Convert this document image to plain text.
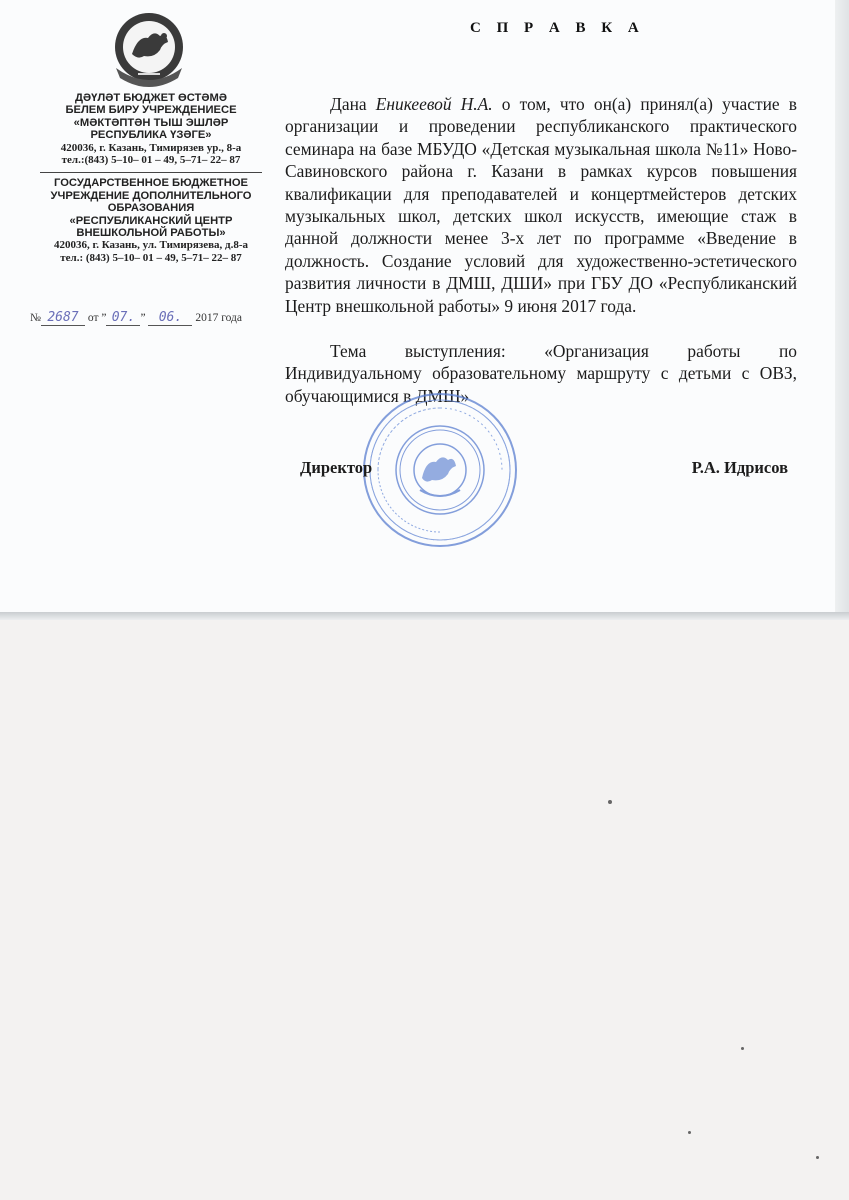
ДӘҮЛӘТ БЮДЖЕТ ӨСТӘМӘ
БЕЛЕМ БИРУ УЧРЕЖДЕНИЕСЕ
«МӘКТӘПТӘН ТЫШ ЭШЛӘР
РЕСПУБЛИКА ҮЗӘГЕ»
420036, г. Казань, Тимирязев ур., 8-а
тел.:(843) 5–10– 01 – 49, 5–71– 22– 87
ГОСУДАРСТВЕННОЕ БЮДЖЕТНОЕ
УЧРЕЖДЕНИЕ ДОПОЛНИТЕЛЬНОГО
ОБРАЗОВАНИЯ
«РЕСПУБЛИКАНСКИЙ ЦЕНТР
ВНЕШКОЛЬНОЙ РАБОТЫ»
420036, г. Казань, ул. Тимирязева, д.8-а
тел.: (843) 5–10– 01 – 49, 5–71– 22– 87
№ 2687 от ” 07. ” 06. 2017 года
С П Р А В К А

Дана Еникеевой Н.А. о том, что он(а) принял(а) участие в организации и проведении республиканского практического семинара на базе МБУДО «Детская музыкальная школа №11» Ново-Савиновского района г. Казани в рамках курсов повышения квалификации для преподавателей и концертмейстеров детских музыкальных школ, детских школ искусств, имеющие стаж в данной должности менее 3-х лет по программе «Введение в должность. Создание условий для художественно-эстетического развития личности в ДМШ, ДШИ» при ГБУ ДО «Республиканский Центр внешкольной работы» 9 июня 2017 года.

Тема выступления: «Организация работы по Индивидуальному образовательному маршруту с детьми с ОВЗ, обучающимися в ДМШ»

Директор	Р.А. Идрисов
